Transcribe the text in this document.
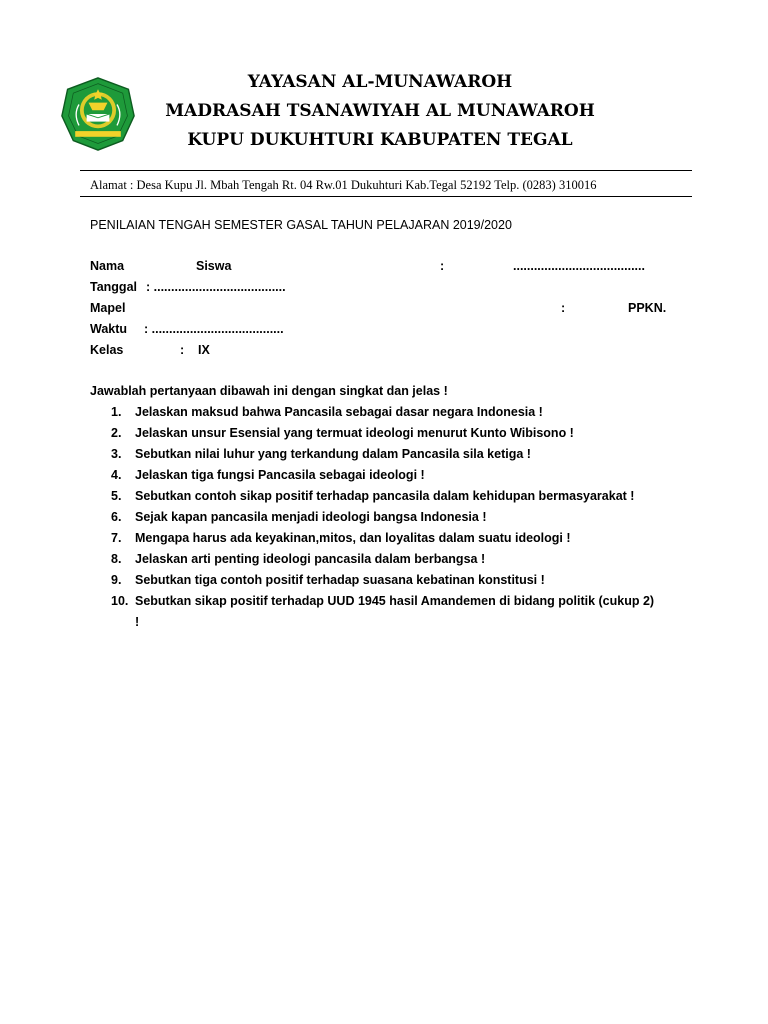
YAYASAN AL-MUNAWAROH
MADRASAH TSANAWIYAH AL MUNAWAROH
KUPU DUKUHTURI KABUPATEN TEGAL
Alamat : Desa Kupu Jl. Mbah Tengah Rt. 04 Rw.01 Dukuhturi Kab.Tegal 52192 Telp. (0283) 310016
PENILAIAN TENGAH SEMESTER GASAL TAHUN PELAJARAN 2019/2020
Nama	Siswa	:	......................................
Tanggal : ......................................
Mapel	:	PPKN.
Waktu : ......................................
Kelas	: IX
Jawablah pertanyaan dibawah ini dengan singkat dan jelas !
1. Jelaskan maksud bahwa Pancasila sebagai dasar negara Indonesia !
2. Jelaskan unsur Esensial yang termuat ideologi menurut Kunto Wibisono !
3. Sebutkan nilai luhur yang terkandung dalam Pancasila sila ketiga !
4. Jelaskan tiga fungsi Pancasila sebagai ideologi !
5. Sebutkan contoh sikap positif terhadap pancasila dalam kehidupan bermasyarakat !
6. Sejak kapan pancasila menjadi ideologi bangsa Indonesia !
7. Mengapa harus ada keyakinan,mitos, dan loyalitas dalam suatu ideologi !
8. Jelaskan arti penting ideologi pancasila dalam berbangsa !
9. Sebutkan tiga contoh positif terhadap suasana kebatinan konstitusi !
10. Sebutkan sikap positif terhadap UUD 1945 hasil Amandemen di bidang politik (cukup 2)
!
